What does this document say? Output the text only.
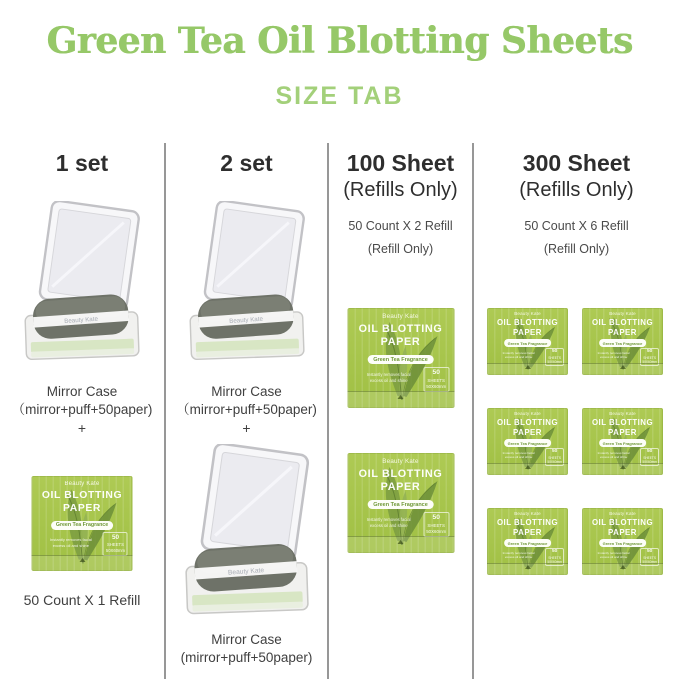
Green Tea Oil Blotting Sheets
SIZE TAB
1 set
Beauty Kate
Mirror Case
（mirror+puff+50paper)
+
Beauty Kate
OIL BLOTTING
PAPER
Green Tea Fragrance
Instantly removes facial
excess oil and shine
50
SHEETS
50X60mm
50 Count X 1 Refill
2 set
Beauty Kate
Mirror Case
（mirror+puff+50paper)
+
Beauty Kate
Mirror Case
(mirror+puff+50paper)
100 Sheet
(Refills Only)
50 Count X 2 Refill
(Refill Only)
Beauty Kate
OIL BLOTTING
PAPER
Green Tea Fragrance
Instantly removes facial
excess oil and shine
50
SHEETS
50X60mm
Beauty Kate
OIL BLOTTING
PAPER
Green Tea Fragrance
Instantly removes facial
excess oil and shine
50
SHEETS
50X60mm
300 Sheet
(Refills Only)
50 Count X 6 Refill
(Refill Only)
Beauty Kate
OIL BLOTTING
PAPER
Green Tea Fragrance
Instantly removes facial
excess oil and shine
50
SHEETS
50X60mm
Beauty Kate
OIL BLOTTING
PAPER
Green Tea Fragrance
Instantly removes facial
excess oil and shine
50
SHEETS
50X60mm
Beauty Kate
OIL BLOTTING
PAPER
Green Tea Fragrance
Instantly removes facial
excess oil and shine
50
SHEETS
50X60mm
Beauty Kate
OIL BLOTTING
PAPER
Green Tea Fragrance
Instantly removes facial
excess oil and shine
50
SHEETS
50X60mm
Beauty Kate
OIL BLOTTING
PAPER
Green Tea Fragrance
Instantly removes facial
excess oil and shine
50
SHEETS
50X60mm
Beauty Kate
OIL BLOTTING
PAPER
Green Tea Fragrance
Instantly removes facial
excess oil and shine
50
SHEETS
50X60mm
